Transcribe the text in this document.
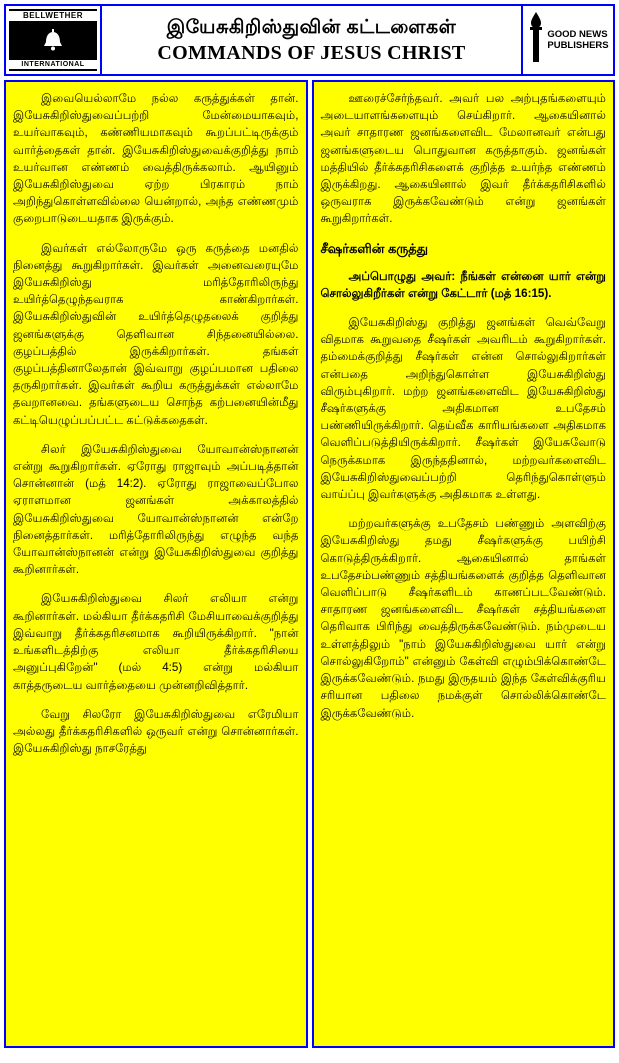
BELLWETHER
INTERNATIONAL
இயேசுகிறிஸ்துவின் கட்டளைகள்
COMMANDS OF JESUS CHRIST
GOOD NEWS
PUBLISHERS

இவையெல்லாமே நல்ல கருத்துக்கள் தான். இயேசுகிறிஸ்துவைப்பற்றி மேன்மையாகவும், உயர்வாகவும், கண்ணியமாகவும் கூறப்பட்டிருக்கும் வார்த்தைகள் தான். இயேசுகிறிஸ்துவைக்குறித்து நாம் உயர்வான எண்ணம் வைத்திருக்கலாம். ஆயினும் இயேசுகிறிஸ்துவை ஏற்ற பிரகாரம் நாம் அறிந்துகொள்ளவில்லை யென்றால், அந்த எண்ணமும் குறைபாடுடையதாக இருக்கும்.

இவர்கள் எல்லோருமே ஒரு கருத்தை மனதில் நினைத்து கூறுகிறார்கள். இவர்கள் அனைவரையுமே இயேசுகிறிஸ்து மரித்தோரிலிருந்து உயிர்த்தெழுந்தவராக காண்கிறார்கள். இயேசுகிறிஸ்துவின் உயிர்த்தெழுதலைக் குறித்து ஜனங்களுக்கு தெளிவான சிந்தனையில்லை. குழப்பத்தில் இருக்கிறார்கள். தங்கள் குழப்பத்தினாலேதான் இவ்வாறு குழப்பமான பதிலை தருகிறார்கள். இவர்கள் கூறிய கருத்துக்கள் எல்லாமே தவறானவை. தங்களுடைய சொந்த கற்பனையின்மீது கட்டியெழுப்பப்பட்ட கட்டுக்கதைகள்.

சிலர் இயேசுகிறிஸ்துவை யோவான்ஸ்நானன் என்று கூறுகிறார்கள். ஏரோது ராஜாவும் அப்படித்தான் சொன்னான் (மத் 14:2). ஏரோது ராஜாவைப்போல ஏராளமான ஜனங்கள் அக்காலத்தில் இயேசுகிறிஸ்துவை யோவான்ஸ்நானன் என்றே நினைத்தார்கள். மரித்தோரிலிருந்து எழுந்த வந்த யோவான்ஸ்நானன் என்று இயேசுகிறிஸ்துவை குறித்து கூறினார்கள்.

இயேசுகிறிஸ்துவை சிலர் எலியா என்று கூறினார்கள். மல்கியா தீர்க்கதரிசி மேசியாவைக்குறித்து இவ்வாறு தீர்க்கதரிசனமாக கூறியிருக்கிறார். "நான் உங்களிடத்திற்கு எலியா தீர்க்கதரிசியை அனுப்புகிறேன்" (மல் 4:5) என்று மல்கியா காத்தருடைய வார்த்தையை முன்னறிவித்தார்.

வேறு சிலரோ இயேசுகிறிஸ்துவை எரேமியா அல்லது தீர்க்கதரிசிகளில் ஒருவர் என்று சொன்னார்கள். இயேசுகிறிஸ்து நாசரேத்து

ஊரைச்சேர்ந்தவர். அவர் பல அற்புதங்களையும் அடையாளங்களையும் செய்கிறார். ஆகையினால் அவர் சாதாரண ஜனங்களைவிட மேலானவர் என்பது ஜனங்களுடைய பொதுவான கருத்தாகும். ஜனங்கள் மத்தியில் தீர்க்கதரிசிகளைக் குறித்த உயர்ந்த எண்ணம் இருக்கிறது. ஆகையினால் இவர் தீர்க்கதரிசிகளில் ஒருவராக இருக்கவேண்டும் என்று ஜனங்கள் கூறுகிறார்கள்.

சீஷர்களின் கருத்து

அப்பொழுது அவர்: நீங்கள் என்னை யார் என்று சொல்லுகிறீர்கள் என்று கேட்டார் (மத் 16:15).

இயேசுகிறிஸ்து குறித்து ஜனங்கள் வெவ்வேறு விதமாக கூறுவதை சீஷர்கள் அவரிடம் கூறுகிறார்கள். தம்மைக்குறித்து சீஷர்கள் என்ன சொல்லுகிறார்கள் என்பதை அறிந்துகொள்ள இயேசுகிறிஸ்து விரும்புகிறார். மற்ற ஜனங்களைவிட இயேசுகிறிஸ்து சீஷர்களுக்கு அதிகமான உபதேசம் பண்ணியிருக்கிறார். தெய்வீக காரியங்களை அதிகமாக வெளிப்படுத்தியிருக்கிறார். சீஷர்கள் இயேசுவோடு நெருக்கமாக இருந்ததினால், மற்றவர்களைவிட இயேசுகிறிஸ்துவைப்பற்றி தெரிந்துகொள்ளும் வாய்ப்பு இவர்களுக்கு அதிகமாக உள்ளது.

மற்றவர்களுக்கு உபதேசம் பண்ணும் அளவிற்கு இயேசுகிறிஸ்து தமது சீஷர்களுக்கு பயிற்சி கொடுத்திருக்கிறார். ஆகையினால் தாங்கள் உபதேசம்பண்ணும் சத்தியங்களைக் குறித்த தெளிவான வெளிப்பாடு சீஷர்களிடம் காணப்படவேண்டும். சாதாரண ஜனங்களைவிட சீஷர்கள் சத்தியங்களை தெரிவாக பிரிந்து வைத்திருக்கவேண்டும். நம்முடைய உள்ளத்திலும் "நாம் இயேசுகிறிஸ்துவை யார் என்று சொல்லுகிறோம்" என்னும் கேள்வி எழும்பிக்கொண்டே இருக்கவேண்டும். நமது இருதயம் இந்த கேள்விக்குரிய சரியான பதிலை நமக்குள் சொல்லிக்கொண்டே இருக்கவேண்டும்.
